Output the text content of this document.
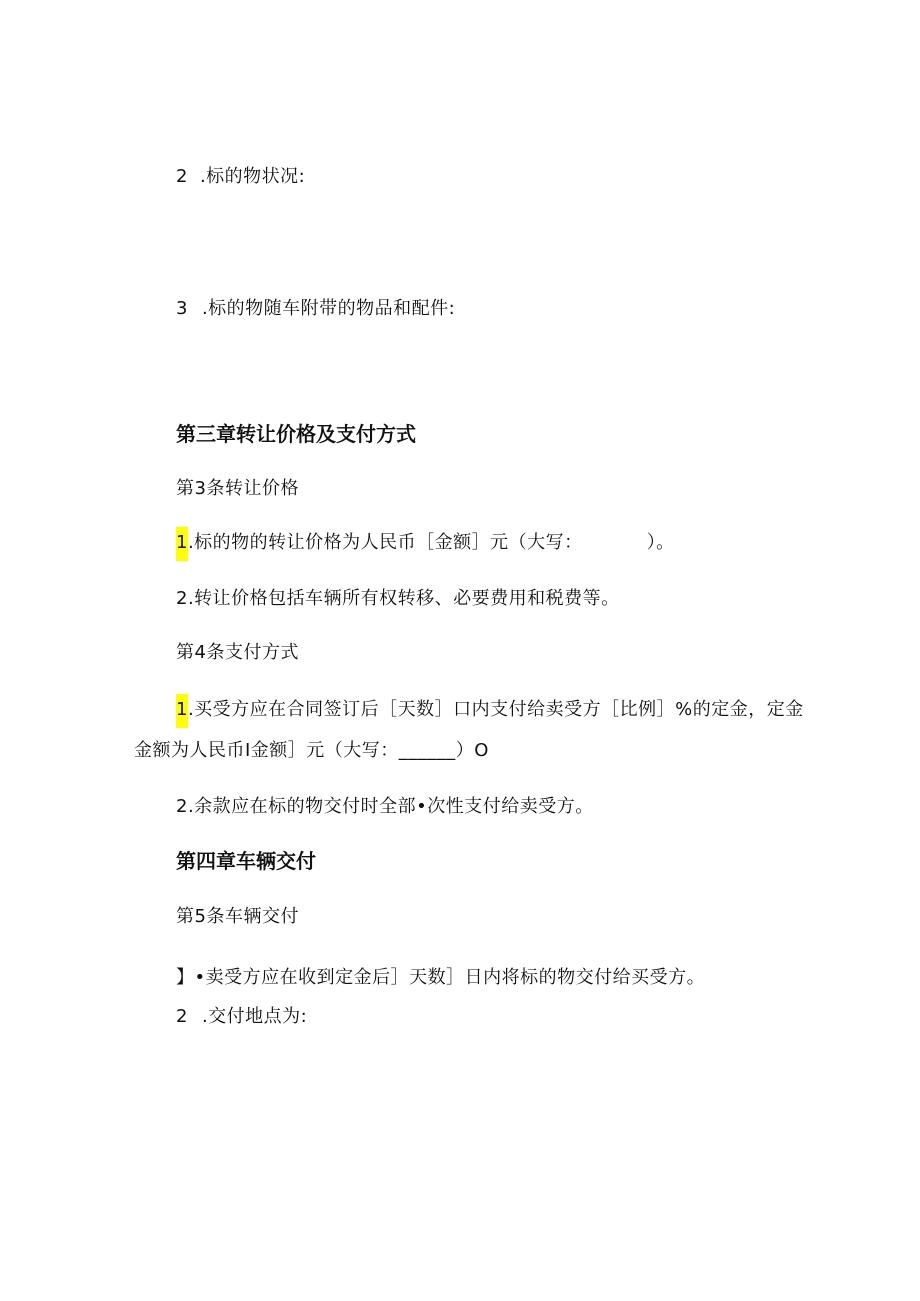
2 .标的物状况:
3 .标的物随车附带的物品和配件:
第三章转让价格及支付方式
第3条转让价格
1.标的物的转让价格为人民币［金额］元（大写：	）。
2.转让价格包括车辆所有权转移、必要费用和税费等。
第4条支付方式
1.买受方应在合同签订后［天数］口内支付给卖受方［比例］%的定金，定金
金额为人民币I金额］元（大写：______）O
2.余款应在标的物交付时全部•次性支付给卖受方。
第四章车辆交付
第5条车辆交付
】•卖受方应在收到定金后］天数］日内将标的物交付给买受方。
2 .交付地点为:
